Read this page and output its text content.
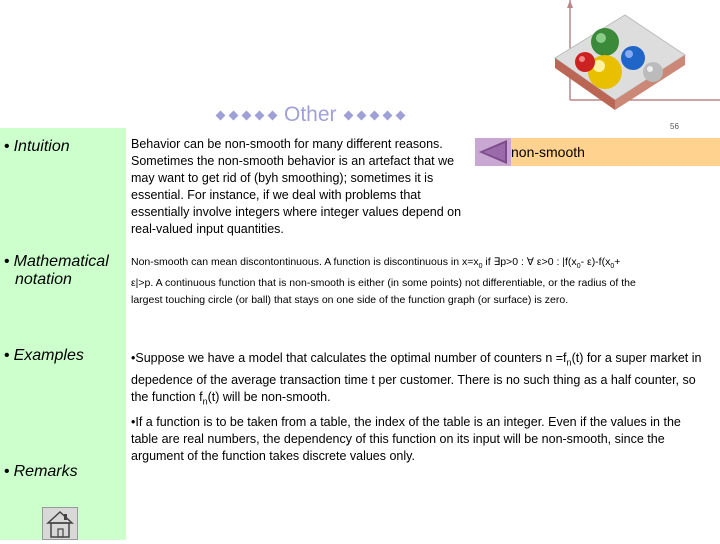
Other
56
• Intuition
• Mathematical
notation
• Examples
• Remarks
Behavior can be non-smooth for many different reasons. Sometimes the non-smooth behavior is an artefact that we may want to get rid of (byh smoothing); sometimes it is essential. For instance, if we deal with problems that essentially involve integers where integer values depend on real-valued input quantities.
non-smooth
Non-smooth can mean discontontinuous. A function is discontinuous in $x=x_0$ if ∃p>0 : ∀ ε>0 : $|f(x_0-$ $\varepsilon)-f(x_0+$
ε|>p. A continuous function that is non-smooth is either (in some points) not differentiable, or the radius of the
largest touching circle (or ball) that stays on one side of the function graph (or surface) is zero.
•Suppose we have a model that calculates the optimal number of counters $n =f_n(t)$ for a super market in depedence of the average transaction time t per customer. There is no such thing as a half counter, so the function $f_n(t)$ will be non-smooth.
•If a function is to be taken from a table, the index of the table is an integer. Even if the values in the table are real numbers, the dependency of this function on its input will be non-smooth, since the argument of the function takes discrete values only.
